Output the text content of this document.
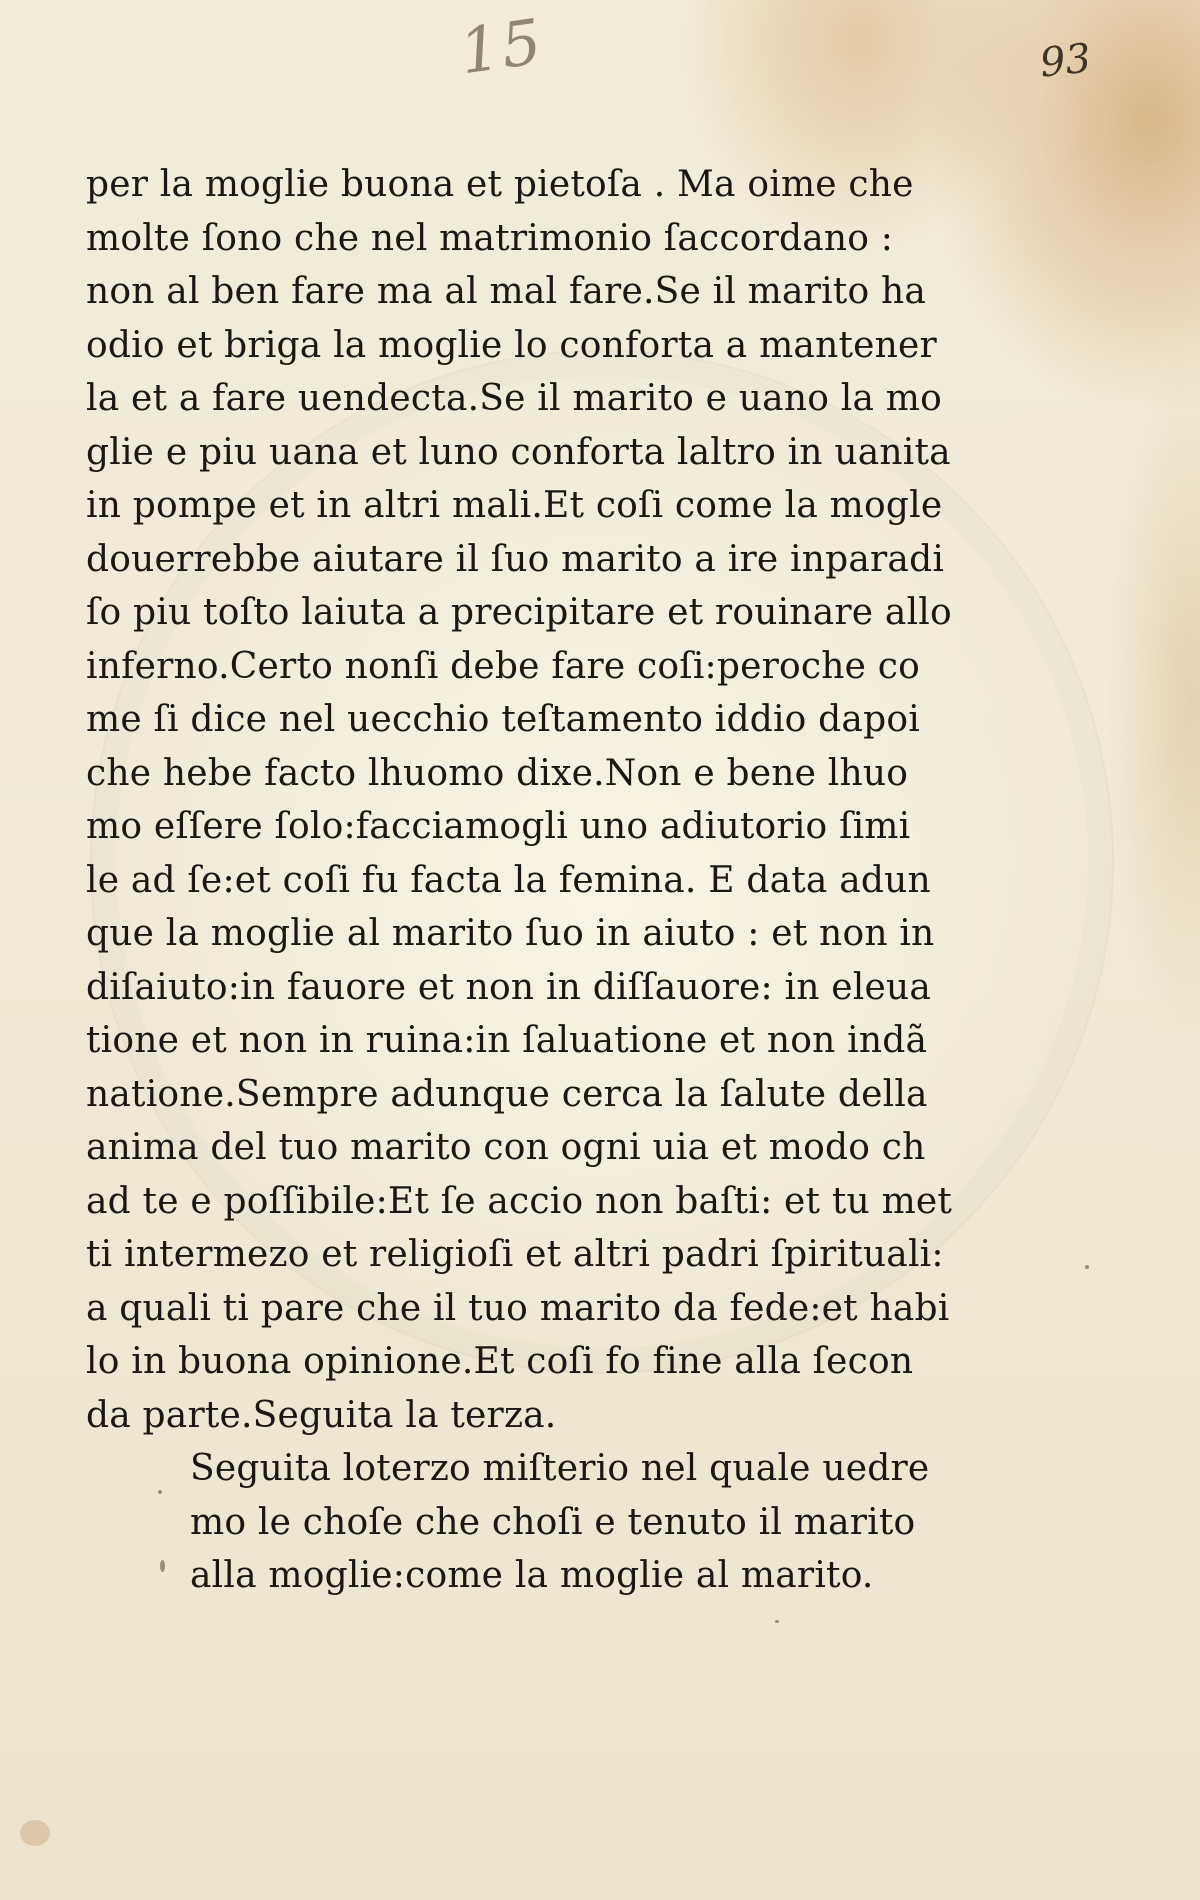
15	93
per la moglie buona et pietoſa . Ma oime che
molte ſono che nel matrimonio ſaccordano :
non al ben fare ma al mal fare.Se il marito ha
odio et briga la moglie lo conforta a mantener
la et a fare uendecta.Se il marito e uano la mo
glie e piu uana et luno conforta laltro in uanita
in pompe et in altri mali.Et coſi come la mogle
douerrebbe aiutare il ſuo marito a ire inparadi
ſo piu toſto laiuta a precipitare et rouinare allo
inferno.Certo nonſi debe fare coſi:peroche co
me ſi dice nel uecchio teſtamento iddio dapoi
che hebe facto lhuomo dixe.Non e bene lhuo
mo eſſere ſolo:facciamogli uno adiutorio ſimi
le ad ſe:et coſi fu facta la femina. E data adun
que la moglie al marito ſuo in aiuto : et non in
diſaiuto:in fauore et non in diſſauore: in eleua
tione et non in ruina:in ſaluatione et non indã
natione.Sempre adunque cerca la ſalute della
anima del tuo marito con ogni uia et modo ch
ad te e poſſibile:Et ſe accio non baſti: et tu met
ti intermezo et religioſi et altri padri ſpirituali:
a quali ti pare che il tuo marito da fede:et habi
lo in buona opinione.Et coſi fo fine alla ſecon
da parte.Seguita la terza.
Seguita loterzo miſterio nel quale uedre
mo le choſe che choſi e tenuto il marito
alla moglie:come la moglie al marito.
